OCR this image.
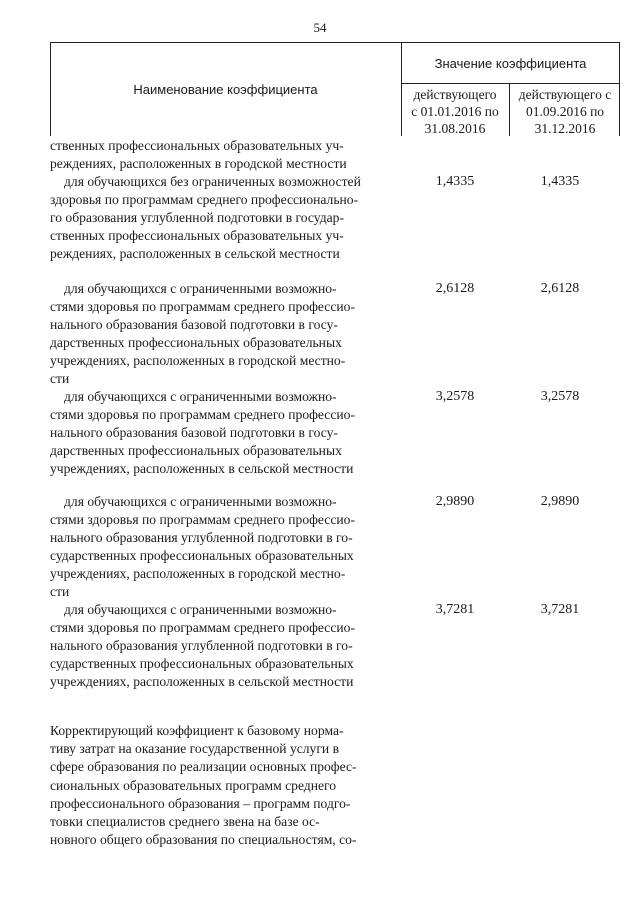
54
Наименование коэффициента
Значение коэффициента
действующего
с 01.01.2016 по
31.08.2016
действующего с
01.09.2016 по
31.12.2016
ственных профессиональных образовательных уч-
реждениях, расположенных в городской местности
для обучающихся без ограниченных возможностей
здоровья по программам среднего профессионально-
го образования углубленной подготовки в государ-
ственных профессиональных образовательных уч-
реждениях, расположенных в сельской местности
1,4335	1,4335
для обучающихся с ограниченными возможно-
стями здоровья по программам среднего профессио-
нального образования базовой подготовки в госу-
дарственных профессиональных образовательных
учреждениях, расположенных в городской местно-
сти
2,6128	2,6128
для обучающихся с ограниченными возможно-
стями здоровья по программам среднего профессио-
нального образования базовой подготовки в госу-
дарственных профессиональных образовательных
учреждениях, расположенных в сельской местности
3,2578	3,2578
для обучающихся с ограниченными возможно-
стями здоровья по программам среднего профессио-
нального образования углубленной подготовки в го-
сударственных профессиональных образовательных
учреждениях, расположенных в городской местно-
сти
2,9890	2,9890
для обучающихся с ограниченными возможно-
стями здоровья по программам среднего профессио-
нального образования углубленной подготовки в го-
сударственных профессиональных образовательных
учреждениях, расположенных в сельской местности
3,7281	3,7281
Корректирующий коэффициент к базовому норма-
тиву затрат на оказание государственной услуги в
сфере образования по реализации основных профес-
сиональных образовательных программ среднего
профессионального образования – программ подго-
товки специалистов среднего звена на базе ос-
новного общего образования по специальностям, со-
